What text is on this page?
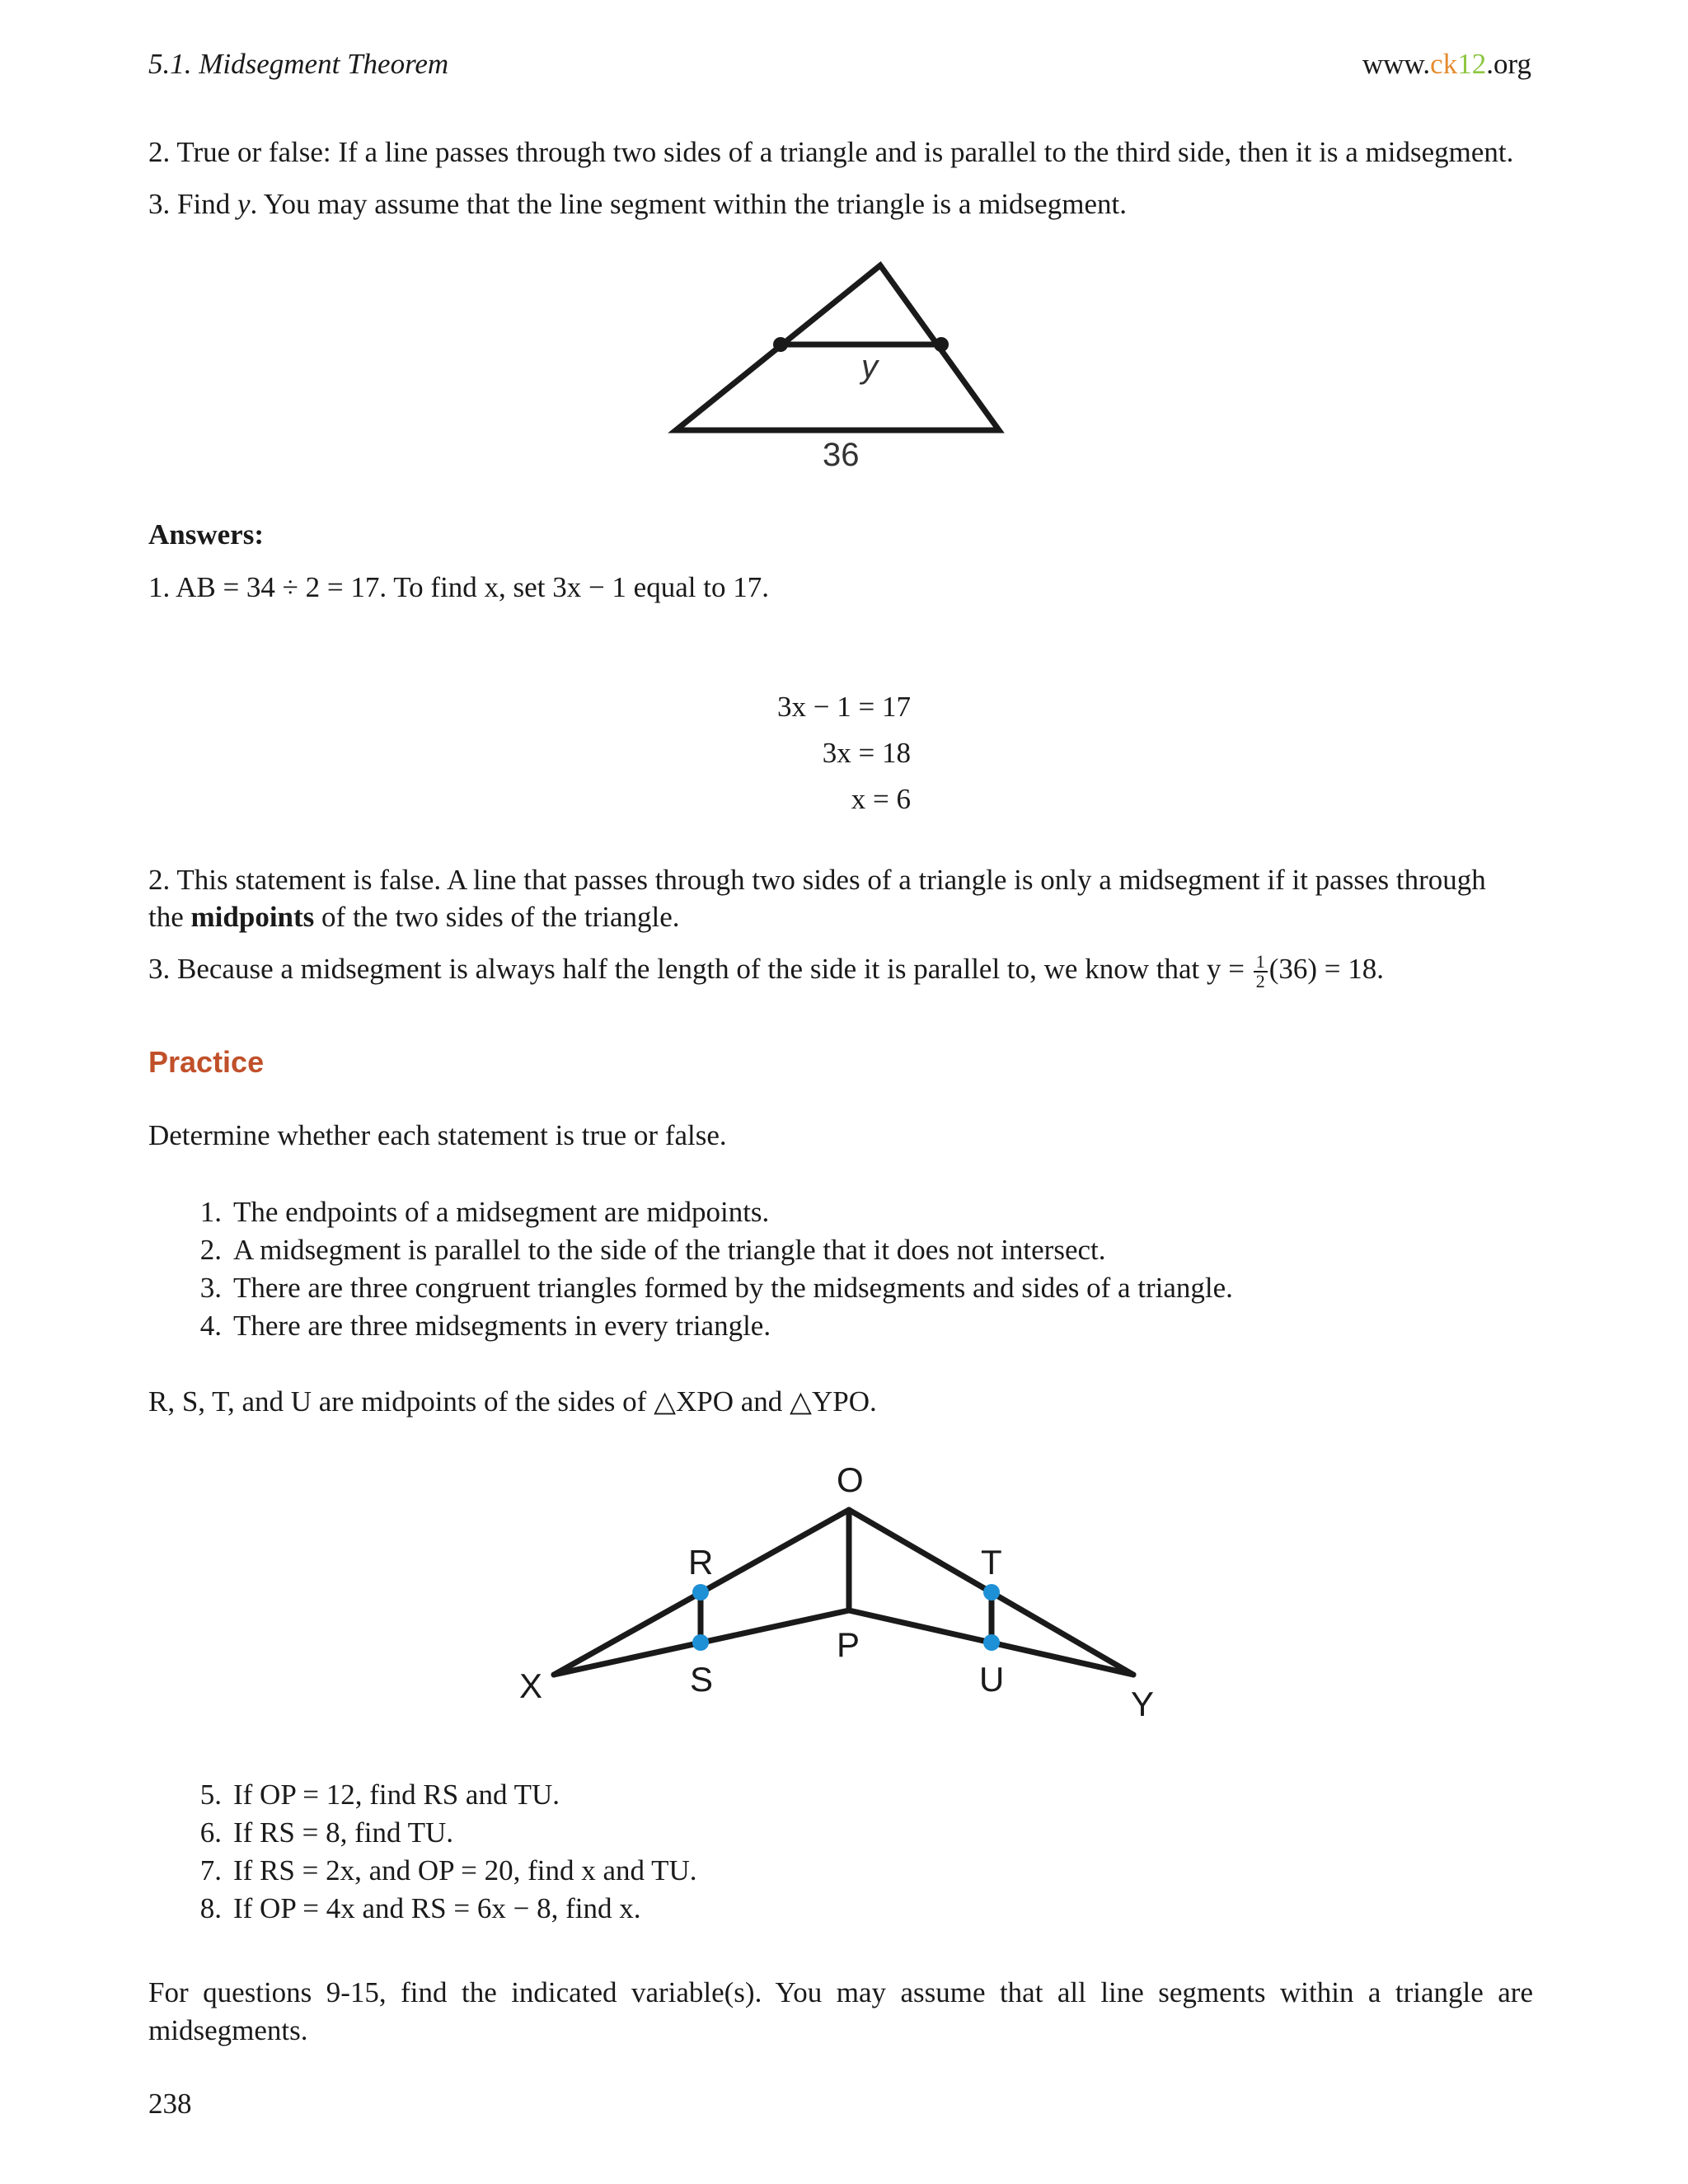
5.1. Midsegment Theorem	www.ck12.org
2. True or false: If a line passes through two sides of a triangle and is parallel to the third side, then it is a midsegment.
3. Find y. You may assume that the line segment within the triangle is a midsegment.
y
36
Answers:
1. AB = 34 ÷ 2 = 17. To find x, set 3x − 1 equal to 17.
3x − 1 = 17
3x = 18
x = 6
2. This statement is false. A line that passes through two sides of a triangle is only a midsegment if it passes through
the midpoints of the two sides of the triangle.
3. Because a midsegment is always half the length of the side it is parallel to, we know that $y = \frac{1}{2} (36) = 18$.
Practice
Determine whether each statement is true or false.
1. The endpoints of a midsegment are midpoints.
2. A midsegment is parallel to the side of the triangle that it does not intersect.
3. There are three congruent triangles formed by the midsegments and sides of a triangle.
4. There are three midsegments in every triangle.
R, S, T, and U are midpoints of the sides of △XPO and △YPO.
O
R	T
P
S	U
X	Y
5. If OP = 12, find RS and TU.
6. If RS = 8, find TU.
7. If RS = 2x, and OP = 20, find x and TU.
8. If OP = 4x and RS = 6x − 8, find x.
For questions 9-15, find the indicated variable(s). You may assume that all line segments within a triangle are midsegments.
238
